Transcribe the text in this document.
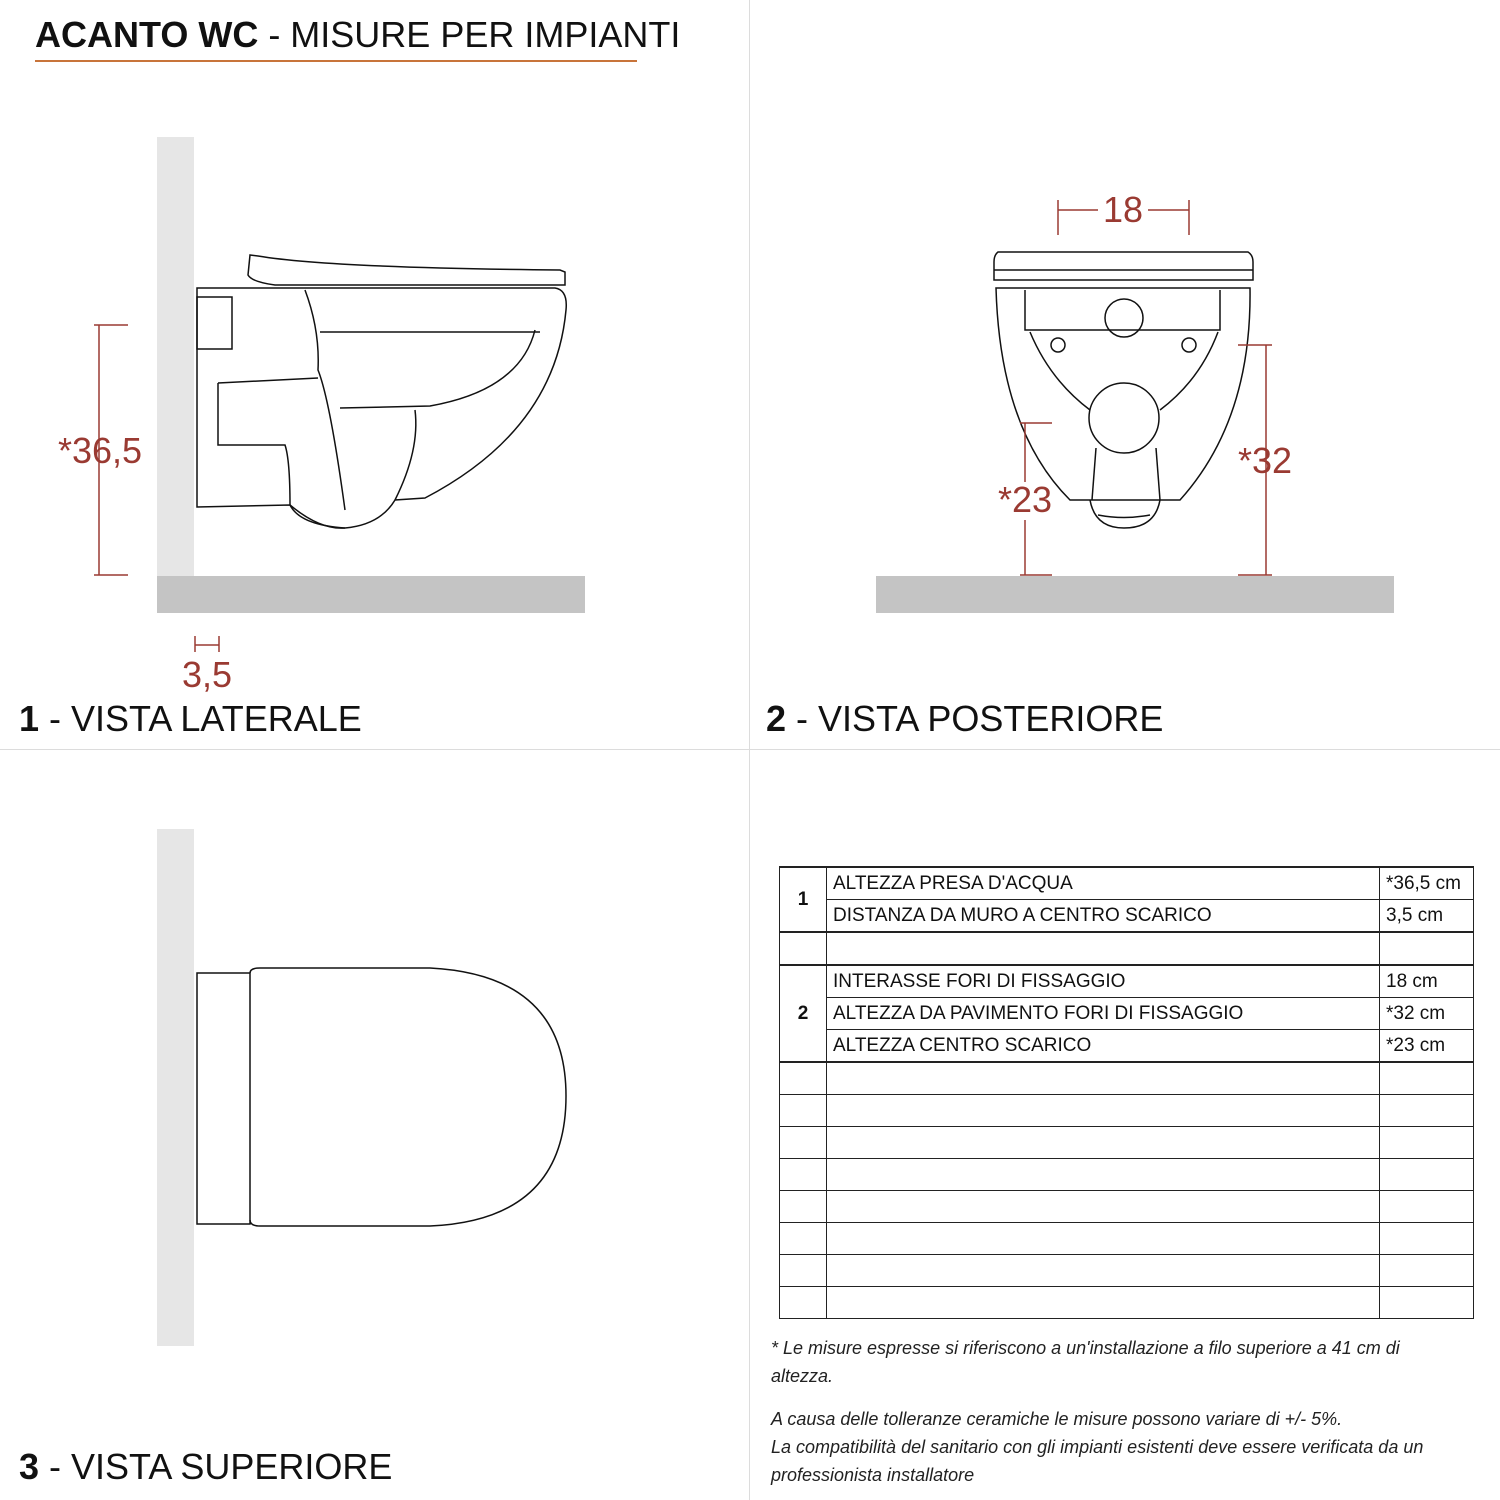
ACANTO WC - MISURE PER IMPIANTI
*36,5
3,5
18
*32
*23
1 - VISTA LATERALE	2 - VISTA POSTERIORE
3 - VISTA SUPERIORE
1	ALTEZZA PRESA D'ACQUA	*36,5 cm
	DISTANZA DA MURO A CENTRO SCARICO	3,5 cm

2	INTERASSE FORI DI FISSAGGIO	18 cm
	ALTEZZA DA PAVIMENTO FORI DI FISSAGGIO	*32 cm
	ALTEZZA CENTRO SCARICO	*23 cm

* Le misure espresse si riferiscono a un'installazione a filo superiore a 41 cm di altezza.
A causa delle tolleranze ceramiche le misure possono variare di +/- 5%.
La compatibilità del sanitario con gli impianti esistenti deve essere verificata da un professionista installatore
